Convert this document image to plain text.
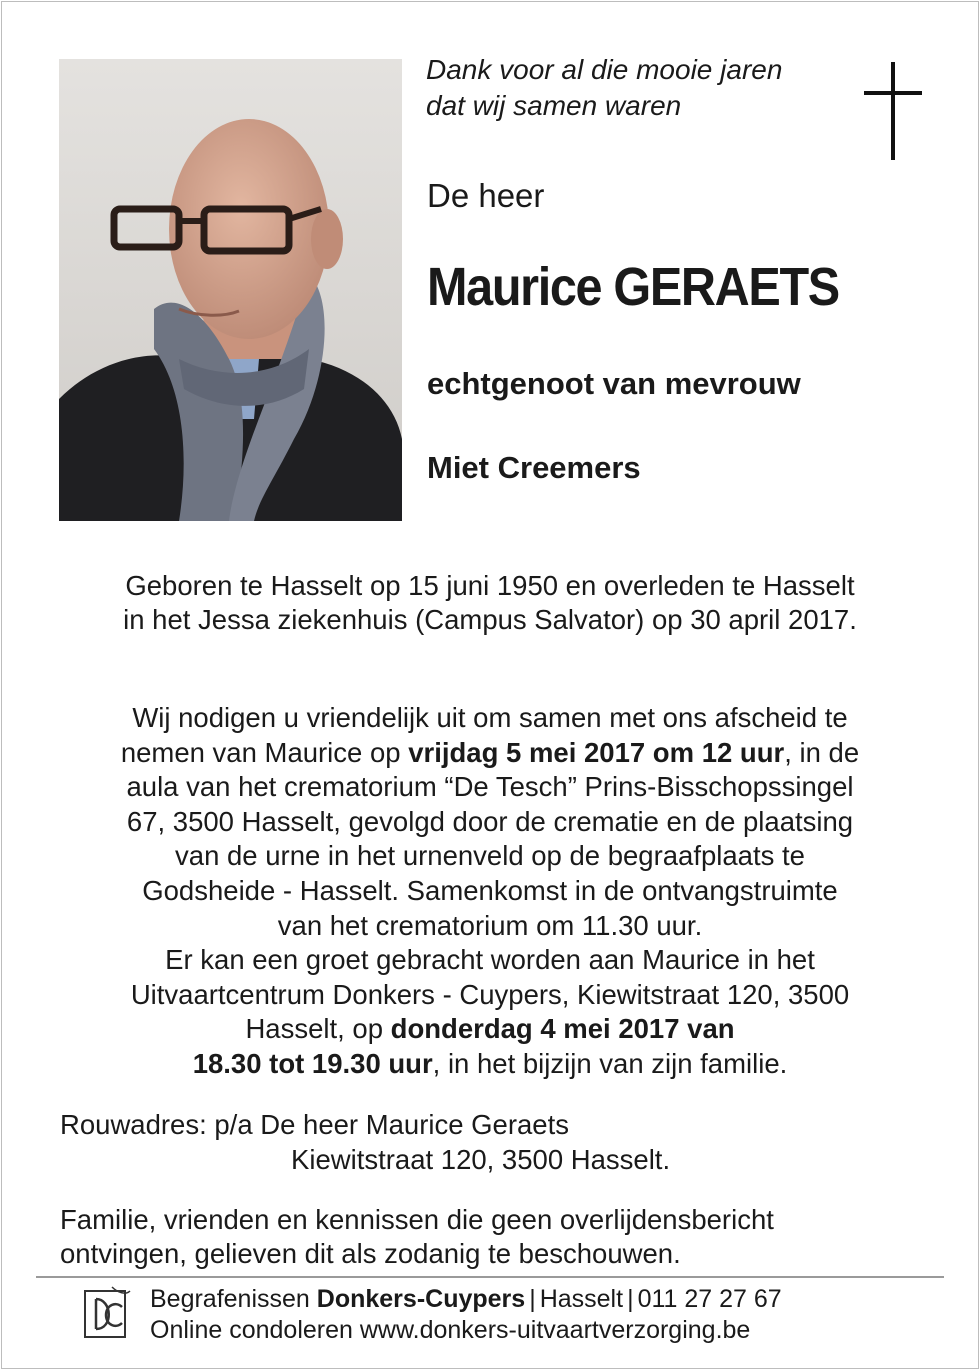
Dank voor al die mooie jaren
dat wij samen waren
De heer
Maurice GERAETS
echtgenoot van mevrouw
Miet Creemers
Geboren te Hasselt op 15 juni 1950 en overleden te Hasselt
in het Jessa ziekenhuis (Campus Salvator) op 30 april 2017.
Wij nodigen u vriendelijk uit om samen met ons afscheid te
nemen van Maurice op vrijdag 5 mei 2017 om 12 uur, in de
aula van het crematorium “De Tesch” Prins-Bisschopssingel
67, 3500 Hasselt, gevolgd door de crematie en de plaatsing
van de urne in het urnenveld op de begraafplaats te
Godsheide - Hasselt. Samenkomst in de ontvangstruimte
van het crematorium om 11.30 uur.
Er kan een groet gebracht worden aan Maurice in het
Uitvaartcentrum Donkers - Cuypers, Kiewitstraat 120, 3500
Hasselt, op donderdag 4 mei 2017 van
18.30 tot 19.30 uur, in het bijzijn van zijn familie.
Rouwadres: p/a De heer Maurice Geraets
Kiewitstraat 120, 3500 Hasselt.
Familie, vrienden en kennissen die geen overlijdensbericht
ontvingen, gelieven dit als zodanig te beschouwen.
Begrafenissen Donkers-Cuypers | Hasselt | 011 27 27 67
Online condoleren www.donkers-uitvaartverzorging.be
